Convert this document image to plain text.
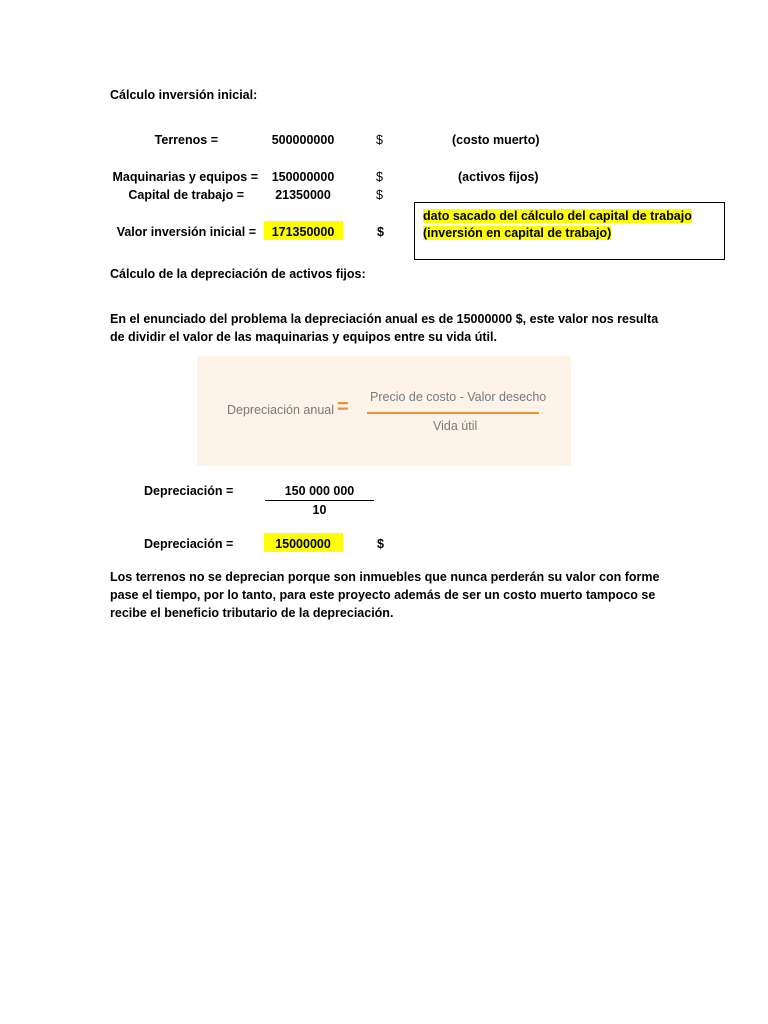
Cálculo inversión inicial:
Terrenos =	500000000	$	(costo muerto)
Maquinarias y equipos =	150000000	$	(activos fijos)
Capital de trabajo =	21350000	$
Valor inversión inicial =	171350000	$
dato sacado del cálculo del capital de trabajo
(inversión en capital de trabajo)
Cálculo de la depreciación de activos fijos:
En el enunciado del problema la depreciación anual es de 15000000 $, este valor nos resulta
de dividir el valor de las maquinarias y equipos entre su vida útil.
Depreciación anual = Precio de costo - Valor desecho
Vida útil
Depreciación =	150 000 000
10
Depreciación =	15000000	$
Los terrenos no se deprecian porque son inmuebles que nunca perderán su valor con forme
pase el tiempo, por lo tanto, para este proyecto además de ser un costo muerto tampoco se
recibe el beneficio tributario de la depreciación.
